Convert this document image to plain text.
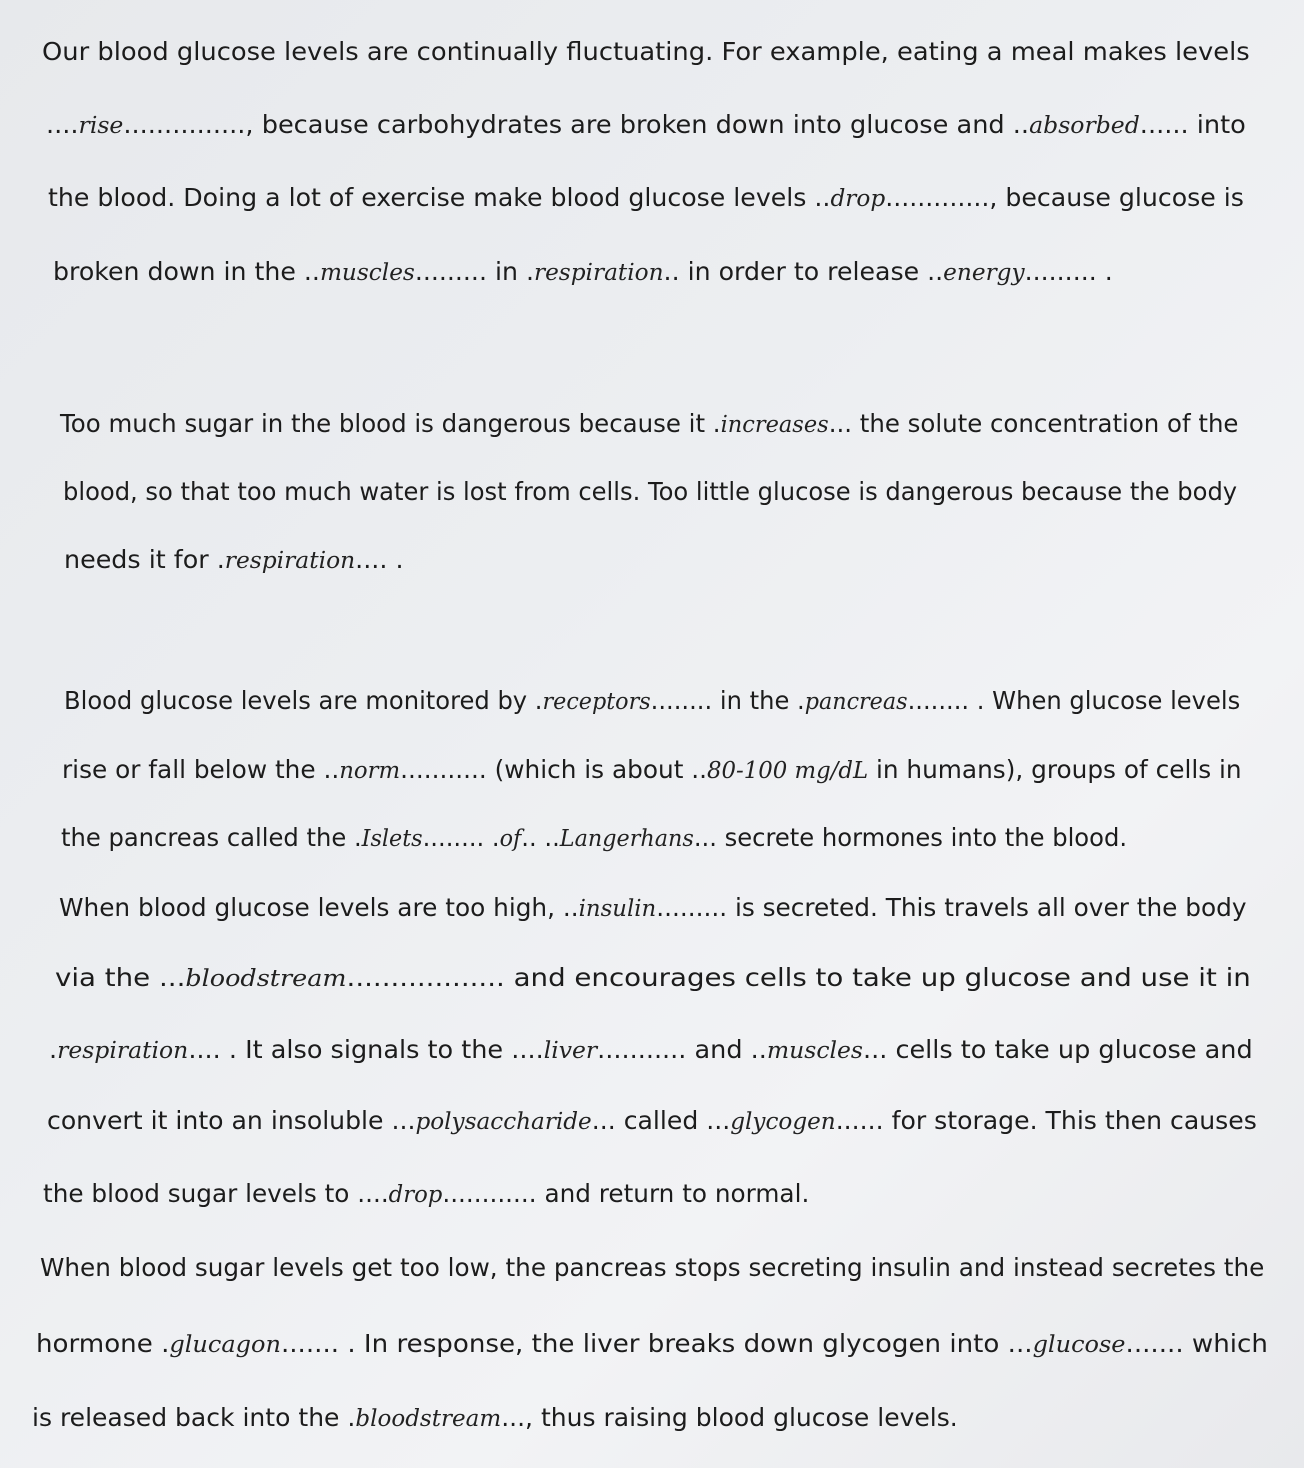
Our blood glucose levels are continually fluctuating. For example, eating a meal makes levels
....rise..............., because carbohydrates are broken down into glucose and ..absorbed...... into
the blood. Doing a lot of exercise make blood glucose levels ..drop............., because glucose is
broken down in the ..muscles......... in .respiration.. in order to release ..energy......... .
Too much sugar in the blood is dangerous because it .increases... the solute concentration of the
blood, so that too much water is lost from cells. Too little glucose is dangerous because the body
needs it for .respiration.... .
Blood glucose levels are monitored by .receptors........ in the .pancreas........ . When glucose levels
rise or fall below the ..norm........... (which is about ..80-100 mg/dL in humans), groups of cells in
the pancreas called the .Islets........ .of.. ..Langerhans... secrete hormones into the blood.
When blood glucose levels are too high, ..insulin......... is secreted. This travels all over the body
via the ...bloodstream.................. and encourages cells to take up glucose and use it in
.respiration.... . It also signals to the ....liver........... and ..muscles... cells to take up glucose and
convert it into an insoluble ...polysaccharide... called ...glycogen...... for storage. This then causes
the blood sugar levels to ....drop............ and return to normal.
When blood sugar levels get too low, the pancreas stops secreting insulin and instead secretes the
hormone .glucagon....... . In response, the liver breaks down glycogen into ...glucose....... which
is released back into the .bloodstream..., thus raising blood glucose levels.
